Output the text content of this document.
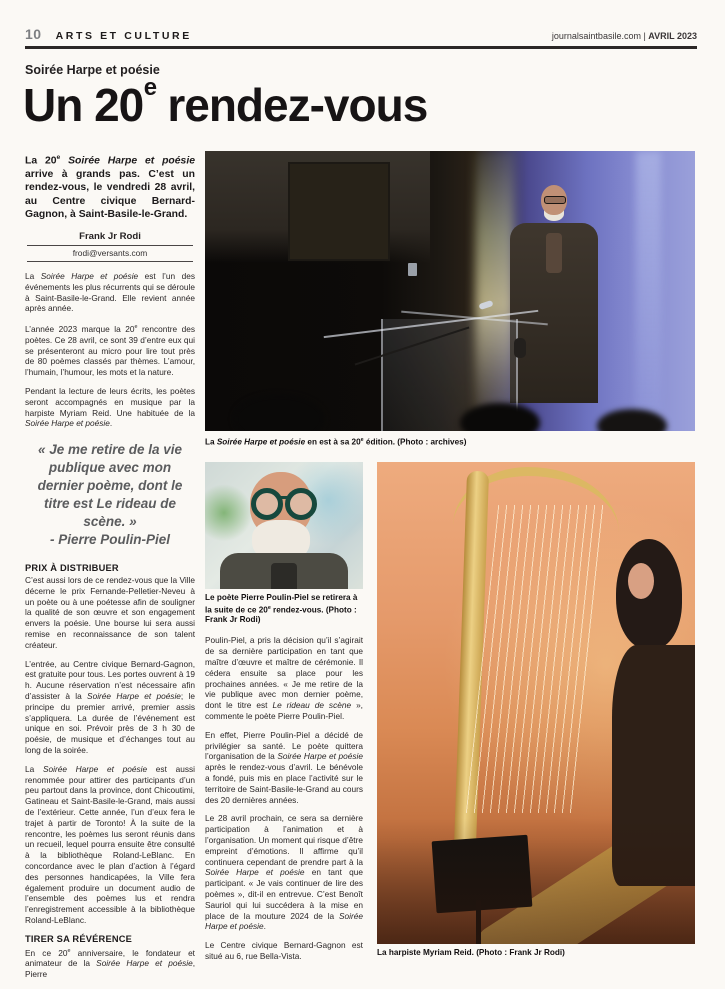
10 ARTS ET CULTURE	journalsaintbasile.com | AVRIL 2023
Soirée Harpe et poésie
Un 20e rendez-vous

La 20e Soirée Harpe et poésie arrive à grands pas. C’est un rendez-vous, le vendredi 28 avril, au Centre civique Bernard-Gagnon, à Saint-Basile-le-Grand.

Frank Jr Rodi
frodi@versants.com

La Soirée Harpe et poésie est l’un des événements les plus récurrents qui se déroule à Saint-Basile-le-Grand. Elle revient année après année.

L’année 2023 marque la 20e rencontre des poètes. Ce 28 avril, ce sont 39 d’entre eux qui se présenteront au micro pour lire tout près de 80 poèmes classés par thèmes. L’amour, l’humain, l’humour, les mots et la nature.

Pendant la lecture de leurs écrits, les poètes seront accompagnés en musique par la harpiste Myriam Reid. Une habituée de la Soirée Harpe et poésie.

« Je me retire de la vie publique avec mon dernier poème, dont le titre est Le rideau de scène. »
- Pierre Poulin-Piel
PRIX À DISTRIBUER

C’est aussi lors de ce rendez-vous que la Ville décerne le prix Fernande-Pelletier-Neveu à un poète ou à une poétesse afin de souligner la qualité de son œuvre et son engagement envers la poésie. Une bourse lui sera aussi remise en reconnaissance de son talent créateur.

L’entrée, au Centre civique Bernard-Gagnon, est gratuite pour tous. Les portes ouvrent à 19 h. Aucune réservation n’est nécessaire afin d’assister à la Soirée Harpe et poésie; le principe du premier arrivé, premier assis s’appliquera. La durée de l’événement est unique en soi. Prévoir près de 3 h 30 de poésie, de musique et d’échanges tout au long de la soirée.

La Soirée Harpe et poésie est aussi renommée pour attirer des participants d’un peu partout dans la province, dont Chicoutimi, Gatineau et Saint-Basile-le-Grand, mais aussi de l’extérieur. Cette année, l’un d’eux fera le trajet à partir de Toronto! À la suite de la rencontre, les poèmes lus seront réunis dans un recueil, lequel pourra ensuite être consulté à la bibliothèque Roland-LeBlanc. En concordance avec le plan d’action à l’égard des personnes handicapées, la Ville fera également produire un document audio de l’ensemble des poèmes lus et rendra l’enregistrement accessible à la bibliothèque Roland-LeBlanc.

TIRER SA RÉVÉRENCE

En ce 20e anniversaire, le fondateur et animateur de la Soirée Harpe et poésie, Pierre

La Soirée Harpe et poésie en est à sa 20e édition. (Photo : archives)
Le poète Pierre Poulin-Piel se retirera à la suite de ce 20e rendez-vous. (Photo : Frank Jr Rodi)

Poulin-Piel, a pris la décision qu’il s’agirait de sa dernière participation en tant que maître d’œuvre et maître de cérémonie. Il cédera ensuite sa place pour les prochaines années. « Je me retire de la vie publique avec mon dernier poème, dont le titre est Le rideau de scène », commente le poète Pierre Poulin-Piel.

En effet, Pierre Poulin-Piel a décidé de privilégier sa santé. Le poète quittera l’organisation de la Soirée Harpe et poésie après le rendez-vous d’avril. Le bénévole a fondé, puis mis en place l’activité sur le territoire de Saint-Basile-le-Grand au cours des 20 dernières années.

Le 28 avril prochain, ce sera sa dernière participation à l’animation et à l’organisation. Un moment qui risque d’être empreint d’émotions. Il affirme qu’il continuera cependant de prendre part à la Soirée Harpe et poésie en tant que participant. « Je vais continuer de lire des poèmes », dit-il en entrevue. C’est Benoît Sauriol qui lui succédera à la mise en place de la mouture 2024 de la Soirée Harpe et poésie.

Le Centre civique Bernard-Gagnon est situé au 6, rue Bella-Vista.	La harpiste Myriam Reid. (Photo : Frank Jr Rodi)
